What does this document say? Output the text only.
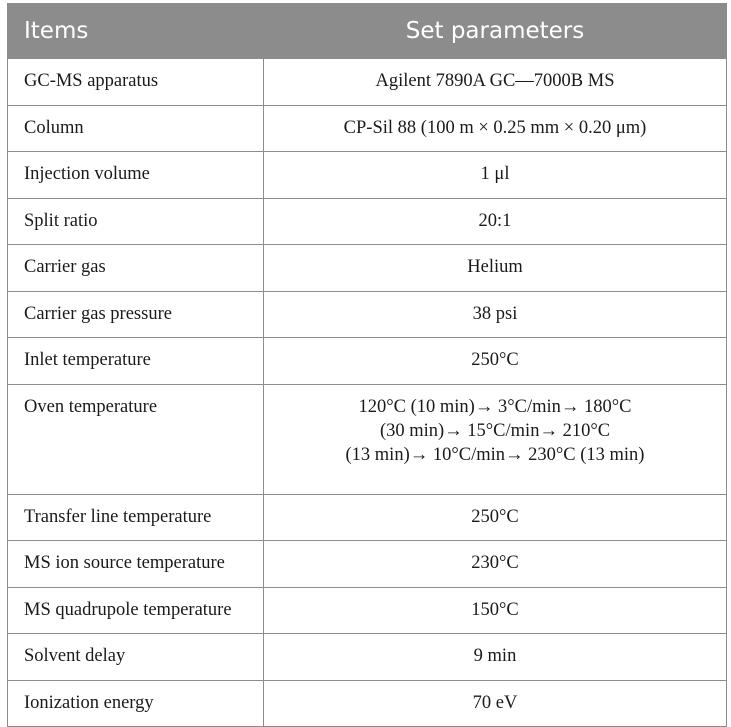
Items	Set parameters
GC-MS apparatus	Agilent 7890A GC—7000B MS
Column	CP-Sil 88 (100 m × 0.25 mm × 0.20 μm)
Injection volume	1 μl
Split ratio	20:1
Carrier gas	Helium
Carrier gas pressure	38 psi
Inlet temperature	250°C
Oven temperature	120°C (10 min)→ 3°C/min→ 180°C
(30 min)→ 15°C/min→ 210°C
(13 min)→ 10°C/min→ 230°C (13 min)

Transfer line temperature	250°C
MS ion source temperature	230°C
MS quadrupole temperature	150°C
Solvent delay	9 min
Ionization energy	70 eV
